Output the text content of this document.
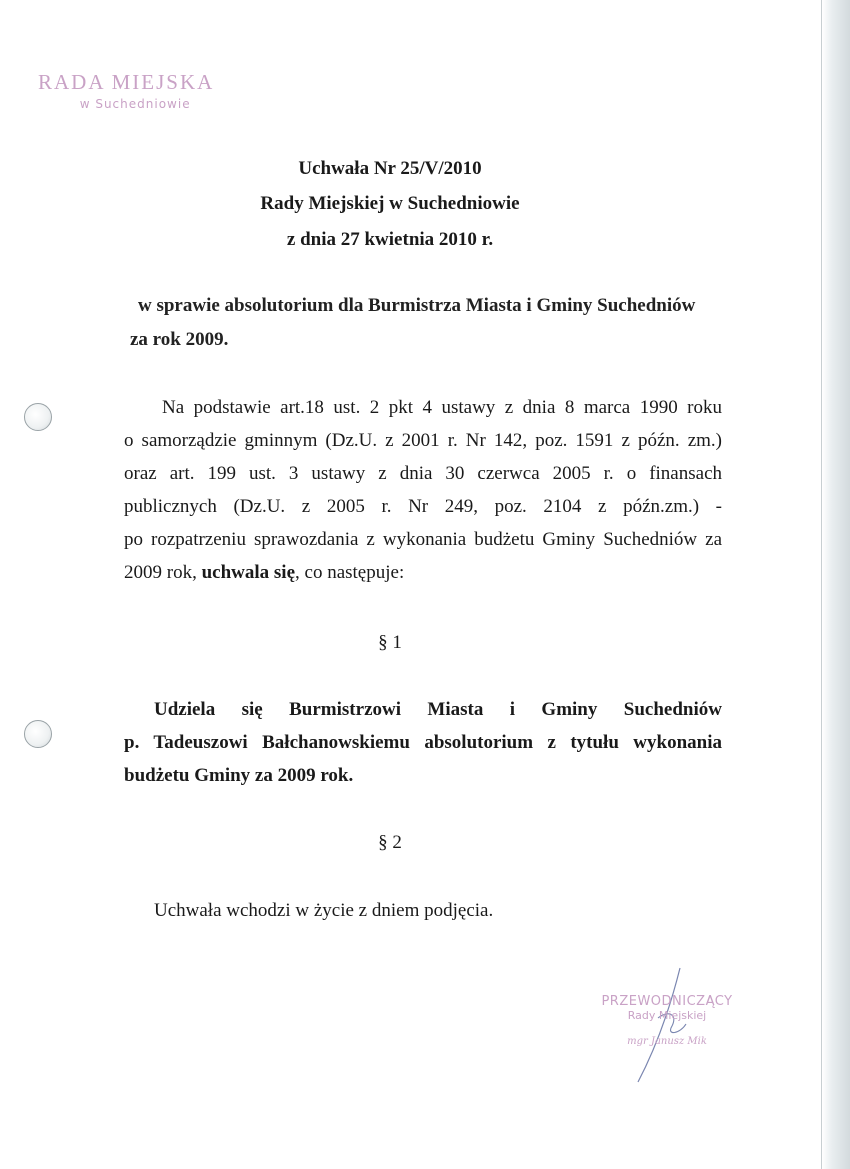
RADA MIEJSKA
w Suchedniowie
Uchwała Nr 25/V/2010
Rady Miejskiej w Suchedniowie
z dnia 27 kwietnia 2010 r.
w sprawie absolutorium dla Burmistrza Miasta i Gminy Suchedniów
za rok 2009.
Na podstawie art.18 ust. 2 pkt 4 ustawy z dnia 8 marca 1990 roku
o samorządzie gminnym (Dz.U. z 2001 r. Nr 142, poz. 1591 z późn. zm.)
oraz art. 199 ust. 3 ustawy z dnia 30 czerwca 2005 r. o finansach
publicznych (Dz.U. z 2005 r. Nr 249, poz. 2104 z późn.zm.) -
po rozpatrzeniu sprawozdania z wykonania budżetu Gminy Suchedniów za
2009 rok, uchwala się, co następuje:
§ 1
Udziela się Burmistrzowi Miasta i Gminy Suchedniów
p. Tadeuszowi Bałchanowskiemu absolutorium z tytułu wykonania
budżetu Gminy za 2009 rok.
§ 2
Uchwała wchodzi w życie z dniem podjęcia.
PRZEWODNICZĄCY
Rady Miejskiej
mgr Janusz Mik
